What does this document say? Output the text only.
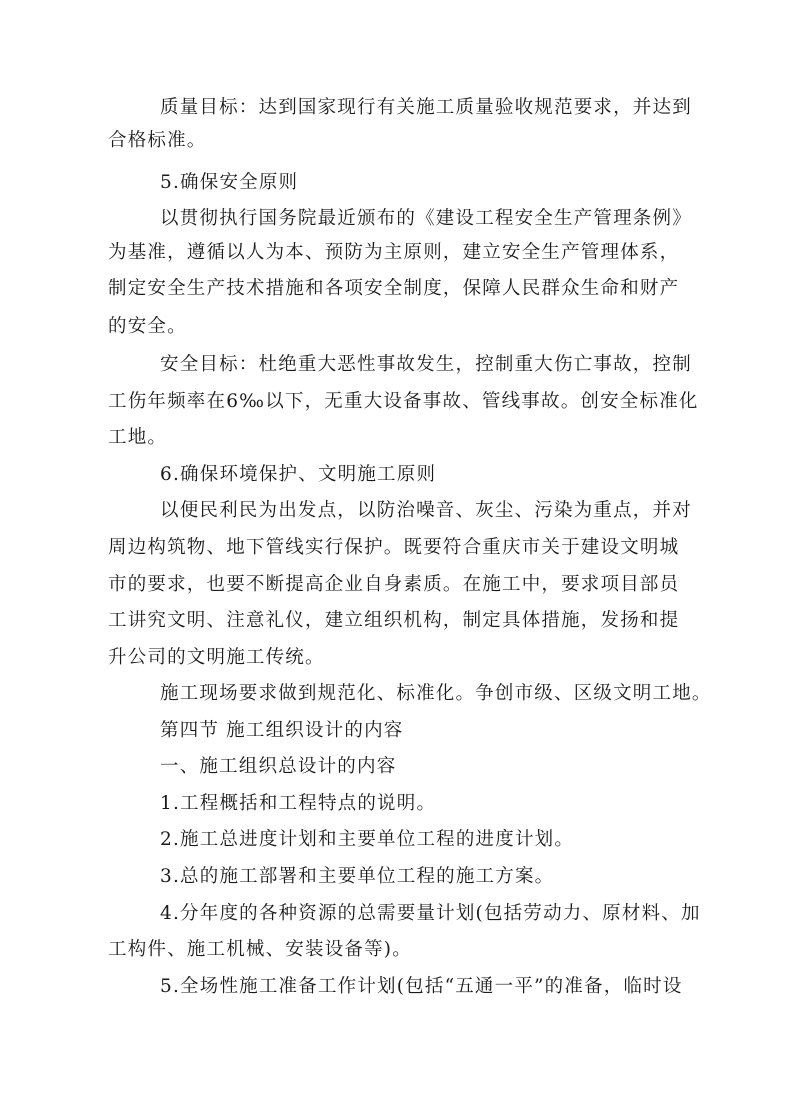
质量目标：达到国家现行有关施工质量验收规范要求，并达到
合格标准。
5.确保安全原则
以贯彻执行国务院最近颁布的《建设工程安全生产管理条例》
为基准，遵循以人为本、预防为主原则，建立安全生产管理体系，
制定安全生产技术措施和各项安全制度，保障人民群众生命和财产
的安全。
安全目标：杜绝重大恶性事故发生，控制重大伤亡事故，控制
工伤年频率在6‰以下，无重大设备事故、管线事故。创安全标准化
工地。
6.确保环境保护、文明施工原则
以便民利民为出发点，以防治噪音、灰尘、污染为重点，并对
周边构筑物、地下管线实行保护。既要符合重庆市关于建设文明城
市的要求，也要不断提高企业自身素质。在施工中，要求项目部员
工讲究文明、注意礼仪，建立组织机构，制定具体措施，发扬和提
升公司的文明施工传统。
施工现场要求做到规范化、标准化。争创市级、区级文明工地。
第四节 施工组织设计的内容
一、施工组织总设计的内容
1.工程概括和工程特点的说明。
2.施工总进度计划和主要单位工程的进度计划。
3.总的施工部署和主要单位工程的施工方案。
4.分年度的各种资源的总需要量计划(包括劳动力、原材料、加
工构件、施工机械、安装设备等)。
5.全场性施工准备工作计划(包括“五通一平”的准备，临时设
